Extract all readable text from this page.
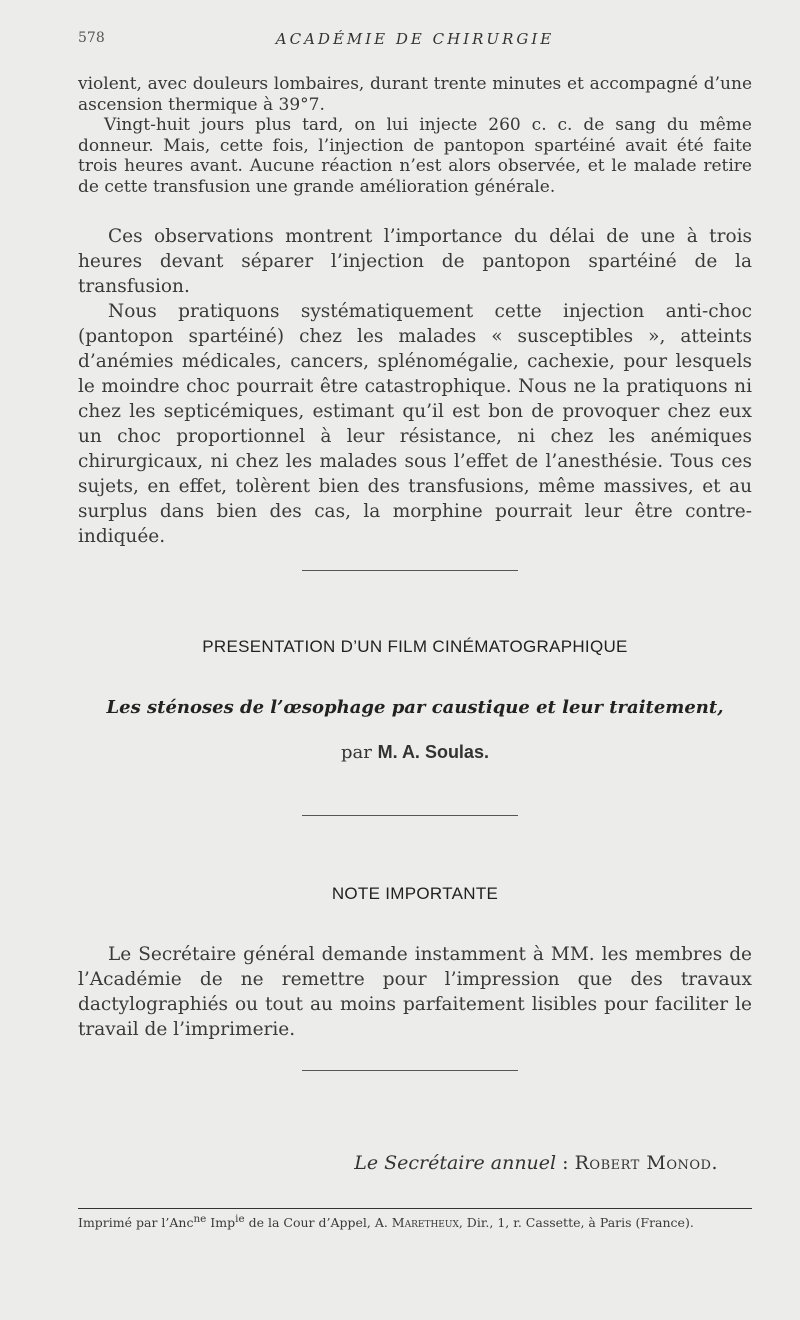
578	ACADÉMIE DE CHIRURGIE

violent, avec douleurs lombaires, durant trente minutes et accompagné d’une ascension thermique à 39°7.

Vingt-huit jours plus tard, on lui injecte 260 c. c. de sang du même donneur. Mais, cette fois, l’injection de pantopon spartéiné avait été faite trois heures avant. Aucune réaction n’est alors observée, et le malade retire de cette transfusion une grande amélioration générale.

Ces observations montrent l’importance du délai de une à trois heures devant séparer l’injection de pantopon spartéiné de la transfusion.

Nous pratiquons systématiquement cette injection anti-choc (pantopon spartéiné) chez les malades « susceptibles », atteints d’anémies médicales, cancers, splénomégalie, cachexie, pour lesquels le moindre choc pourrait être catastrophique. Nous ne la pratiquons ni chez les septicémiques, estimant qu’il est bon de provoquer chez eux un choc proportionnel à leur résistance, ni chez les anémiques chirurgicaux, ni chez les malades sous l’effet de l’anesthésie. Tous ces sujets, en effet, tolèrent bien des transfusions, même massives, et au surplus dans bien des cas, la morphine pourrait leur être contre-indiquée.

PRESENTATION D’UN FILM CINÉMATOGRAPHIQUE
Les sténoses de l’œsophage par caustique et leur traitement,
par M. A. Soulas.
NOTE IMPORTANTE

Le Secrétaire général demande instamment à MM. les membres de l’Académie de ne remettre pour l’impression que des travaux dactylographiés ou tout au moins parfaitement lisibles pour faciliter le travail de l’imprimerie.

Le Secrétaire annuel : Robert Monod.
Imprimé par l’Anc$^{ne}$ Imp$^{ie}$ de la Cour d’Appel, A. Maretheux, Dir., 1, r. Cassette, à Paris (France).
